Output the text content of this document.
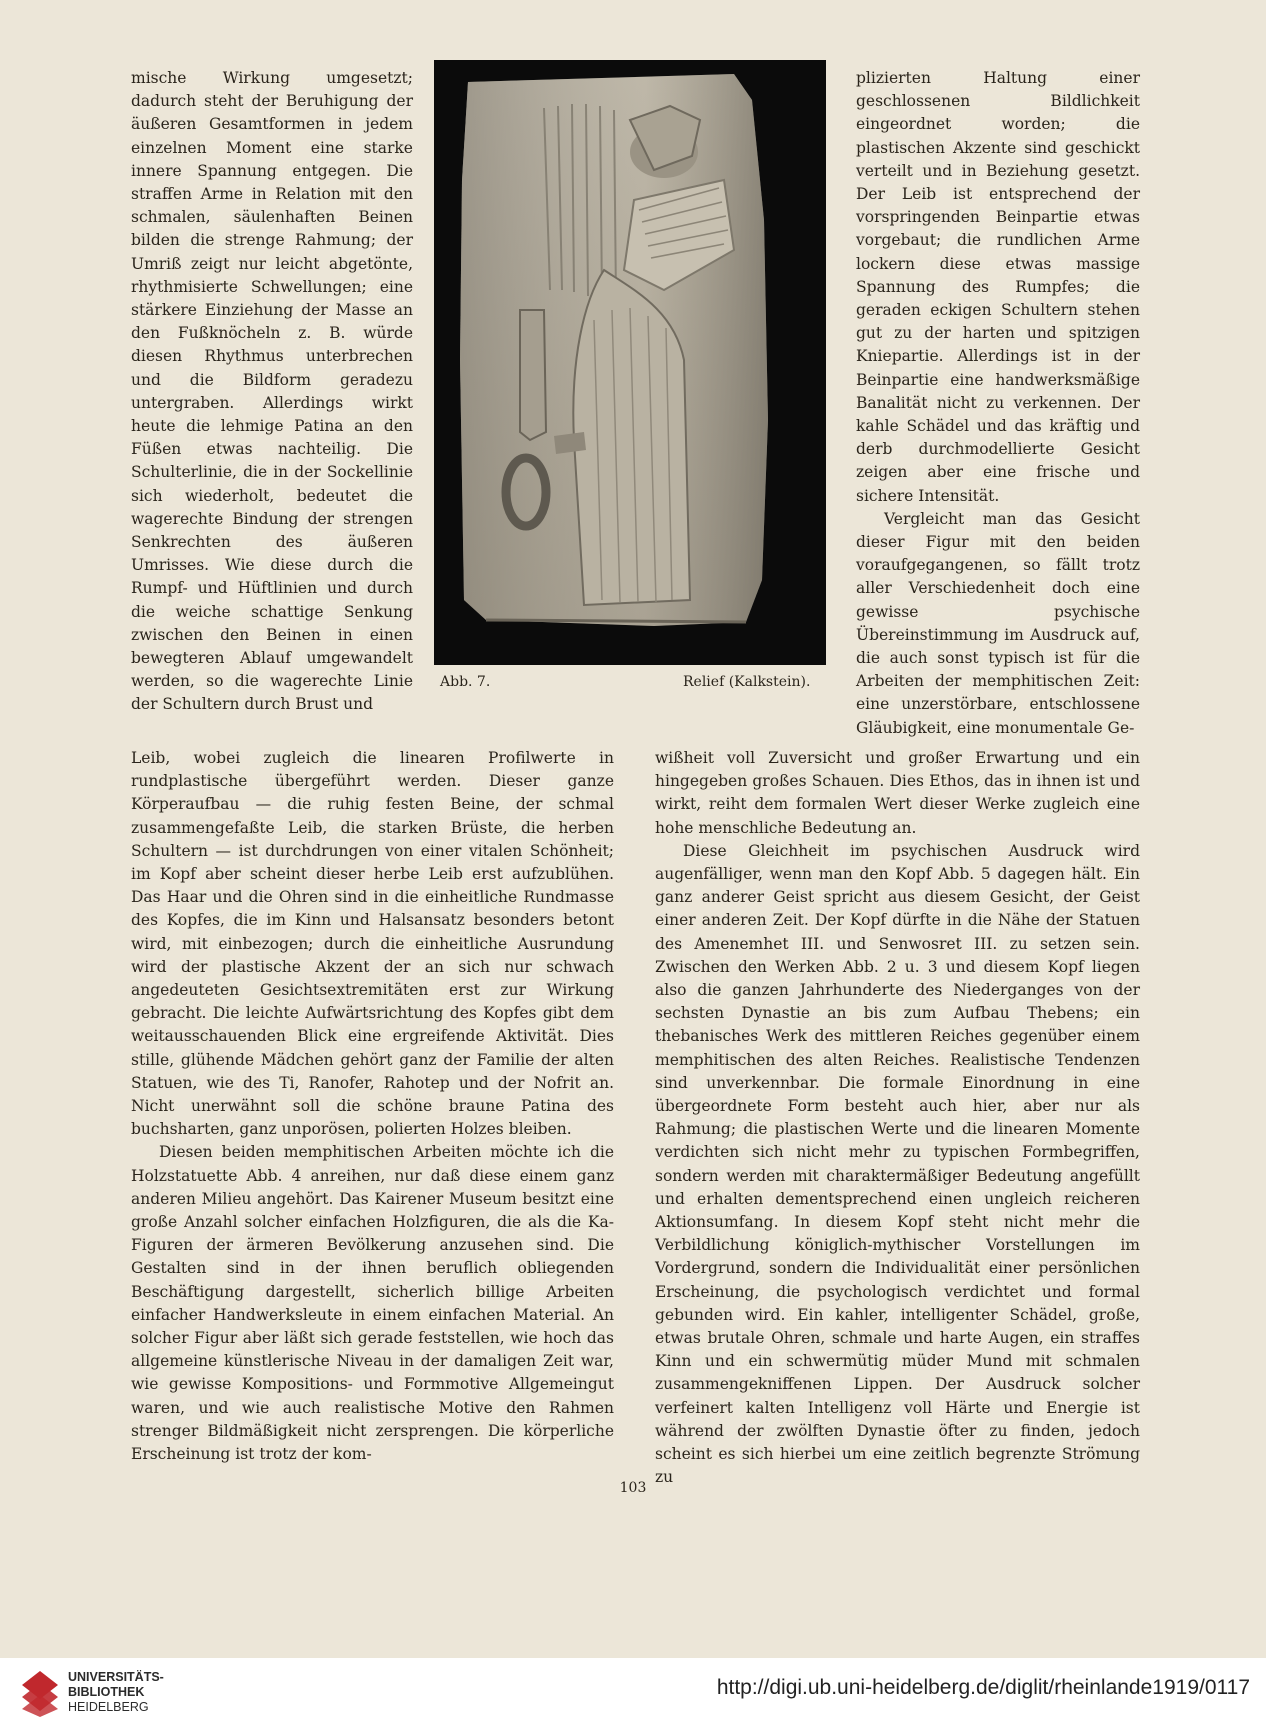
mische Wirkung umgesetzt; dadurch steht der Beruhigung der äußeren Gesamtformen in jedem einzelnen Moment eine starke innere Spannung entgegen. Die straffen Arme in Relation mit den schmalen, säulenhaften Beinen bilden die strenge Rahmung; der Umriß zeigt nur leicht abgetönte, rhythmisierte Schwellungen; eine stärkere Einziehung der Masse an den Fußknöcheln z. B. würde diesen Rhythmus unterbrechen und die Bildform geradezu untergraben. Allerdings wirkt heute die lehmige Patina an den Füßen etwas nachteilig. Die Schulterlinie, die in der Sockellinie sich wiederholt, bedeutet die wagerechte Bindung der strengen Senkrechten des äußeren Umrisses. Wie diese durch die Rumpf- und Hüftlinien und durch die weiche schattige Senkung zwischen den Beinen in einen bewegteren Ablauf umgewandelt werden, so die wagerechte Linie der Schultern durch Brust und

Abb. 7.	Relief (Kalkstein).

plizierten Haltung einer geschlossenen Bildlichkeit eingeordnet worden; die plastischen Akzente sind geschickt verteilt und in Beziehung gesetzt. Der Leib ist entsprechend der vorspringenden Beinpartie etwas vorgebaut; die rundlichen Arme lockern diese etwas massige Spannung des Rumpfes; die geraden eckigen Schultern stehen gut zu der harten und spitzigen Kniepartie. Allerdings ist in der Beinpartie eine handwerksmäßige Banalität nicht zu verkennen. Der kahle Schädel und das kräftig und derb durchmodellierte Gesicht zeigen aber eine frische und sichere Intensität.

Vergleicht man das Gesicht dieser Figur mit den beiden voraufgegangenen, so fällt trotz aller Verschiedenheit doch eine gewisse psychische Übereinstimmung im Ausdruck auf, die auch sonst typisch ist für die Arbeiten der memphitischen Zeit: eine unzerstörbare, entschlossene Gläubigkeit, eine monumentale Ge-

Leib, wobei zugleich die linearen Profilwerte in rundplastische übergeführt werden. Dieser ganze Körperaufbau — die ruhig festen Beine, der schmal zusammengefaßte Leib, die starken Brüste, die herben Schultern — ist durchdrungen von einer vitalen Schönheit; im Kopf aber scheint dieser herbe Leib erst aufzublühen. Das Haar und die Ohren sind in die einheitliche Rundmasse des Kopfes, die im Kinn und Halsansatz besonders betont wird, mit einbezogen; durch die einheitliche Ausrundung wird der plastische Akzent der an sich nur schwach angedeuteten Gesichtsextremitäten erst zur Wirkung gebracht. Die leichte Aufwärtsrichtung des Kopfes gibt dem weitausschauenden Blick eine ergreifende Aktivität. Dies stille, glühende Mädchen gehört ganz der Familie der alten Statuen, wie des Ti, Ranofer, Rahotep und der Nofrit an. Nicht unerwähnt soll die schöne braune Patina des buchsharten, ganz unporösen, polierten Holzes bleiben.

Diesen beiden memphitischen Arbeiten möchte ich die Holzstatuette Abb. 4 anreihen, nur daß diese einem ganz anderen Milieu angehört. Das Kairener Museum besitzt eine große Anzahl solcher einfachen Holzfiguren, die als die Ka-Figuren der ärmeren Bevölkerung anzusehen sind. Die Gestalten sind in der ihnen beruflich obliegenden Beschäftigung dargestellt, sicherlich billige Arbeiten einfacher Handwerksleute in einem einfachen Material. An solcher Figur aber läßt sich gerade feststellen, wie hoch das allgemeine künstlerische Niveau in der damaligen Zeit war, wie gewisse Kompositions- und Formmotive Allgemeingut waren, und wie auch realistische Motive den Rahmen strenger Bildmäßigkeit nicht zersprengen. Die körperliche Erscheinung ist trotz der kom-

wißheit voll Zuversicht und großer Erwartung und ein hingegeben großes Schauen. Dies Ethos, das in ihnen ist und wirkt, reiht dem formalen Wert dieser Werke zugleich eine hohe menschliche Bedeutung an.

Diese Gleichheit im psychischen Ausdruck wird augenfälliger, wenn man den Kopf Abb. 5 dagegen hält. Ein ganz anderer Geist spricht aus diesem Gesicht, der Geist einer anderen Zeit. Der Kopf dürfte in die Nähe der Statuen des Amenemhet III. und Senwosret III. zu setzen sein. Zwischen den Werken Abb. 2 u. 3 und diesem Kopf liegen also die ganzen Jahrhunderte des Niederganges von der sechsten Dynastie an bis zum Aufbau Thebens; ein thebanisches Werk des mittleren Reiches gegenüber einem memphitischen des alten Reiches. Realistische Tendenzen sind unverkennbar. Die formale Einordnung in eine übergeordnete Form besteht auch hier, aber nur als Rahmung; die plastischen Werte und die linearen Momente verdichten sich nicht mehr zu typischen Formbegriffen, sondern werden mit charaktermäßiger Bedeutung angefüllt und erhalten dementsprechend einen ungleich reicheren Aktionsumfang. In diesem Kopf steht nicht mehr die Verbildlichung königlich-mythischer Vorstellungen im Vordergrund, sondern die Individualität einer persönlichen Erscheinung, die psychologisch verdichtet und formal gebunden wird. Ein kahler, intelligenter Schädel, große, etwas brutale Ohren, schmale und harte Augen, ein straffes Kinn und ein schwermütig müder Mund mit schmalen zusammengekniffenen Lippen. Der Ausdruck solcher verfeinert kalten Intelligenz voll Härte und Energie ist während der zwölften Dynastie öfter zu finden, jedoch scheint es sich hierbei um eine zeitlich begrenzte Strömung zu

103
UNIVERSITÄTS-
BIBLIOTHEK
HEIDELBERG
http://digi.ub.uni-heidelberg.de/diglit/rheinlande1919/0117
